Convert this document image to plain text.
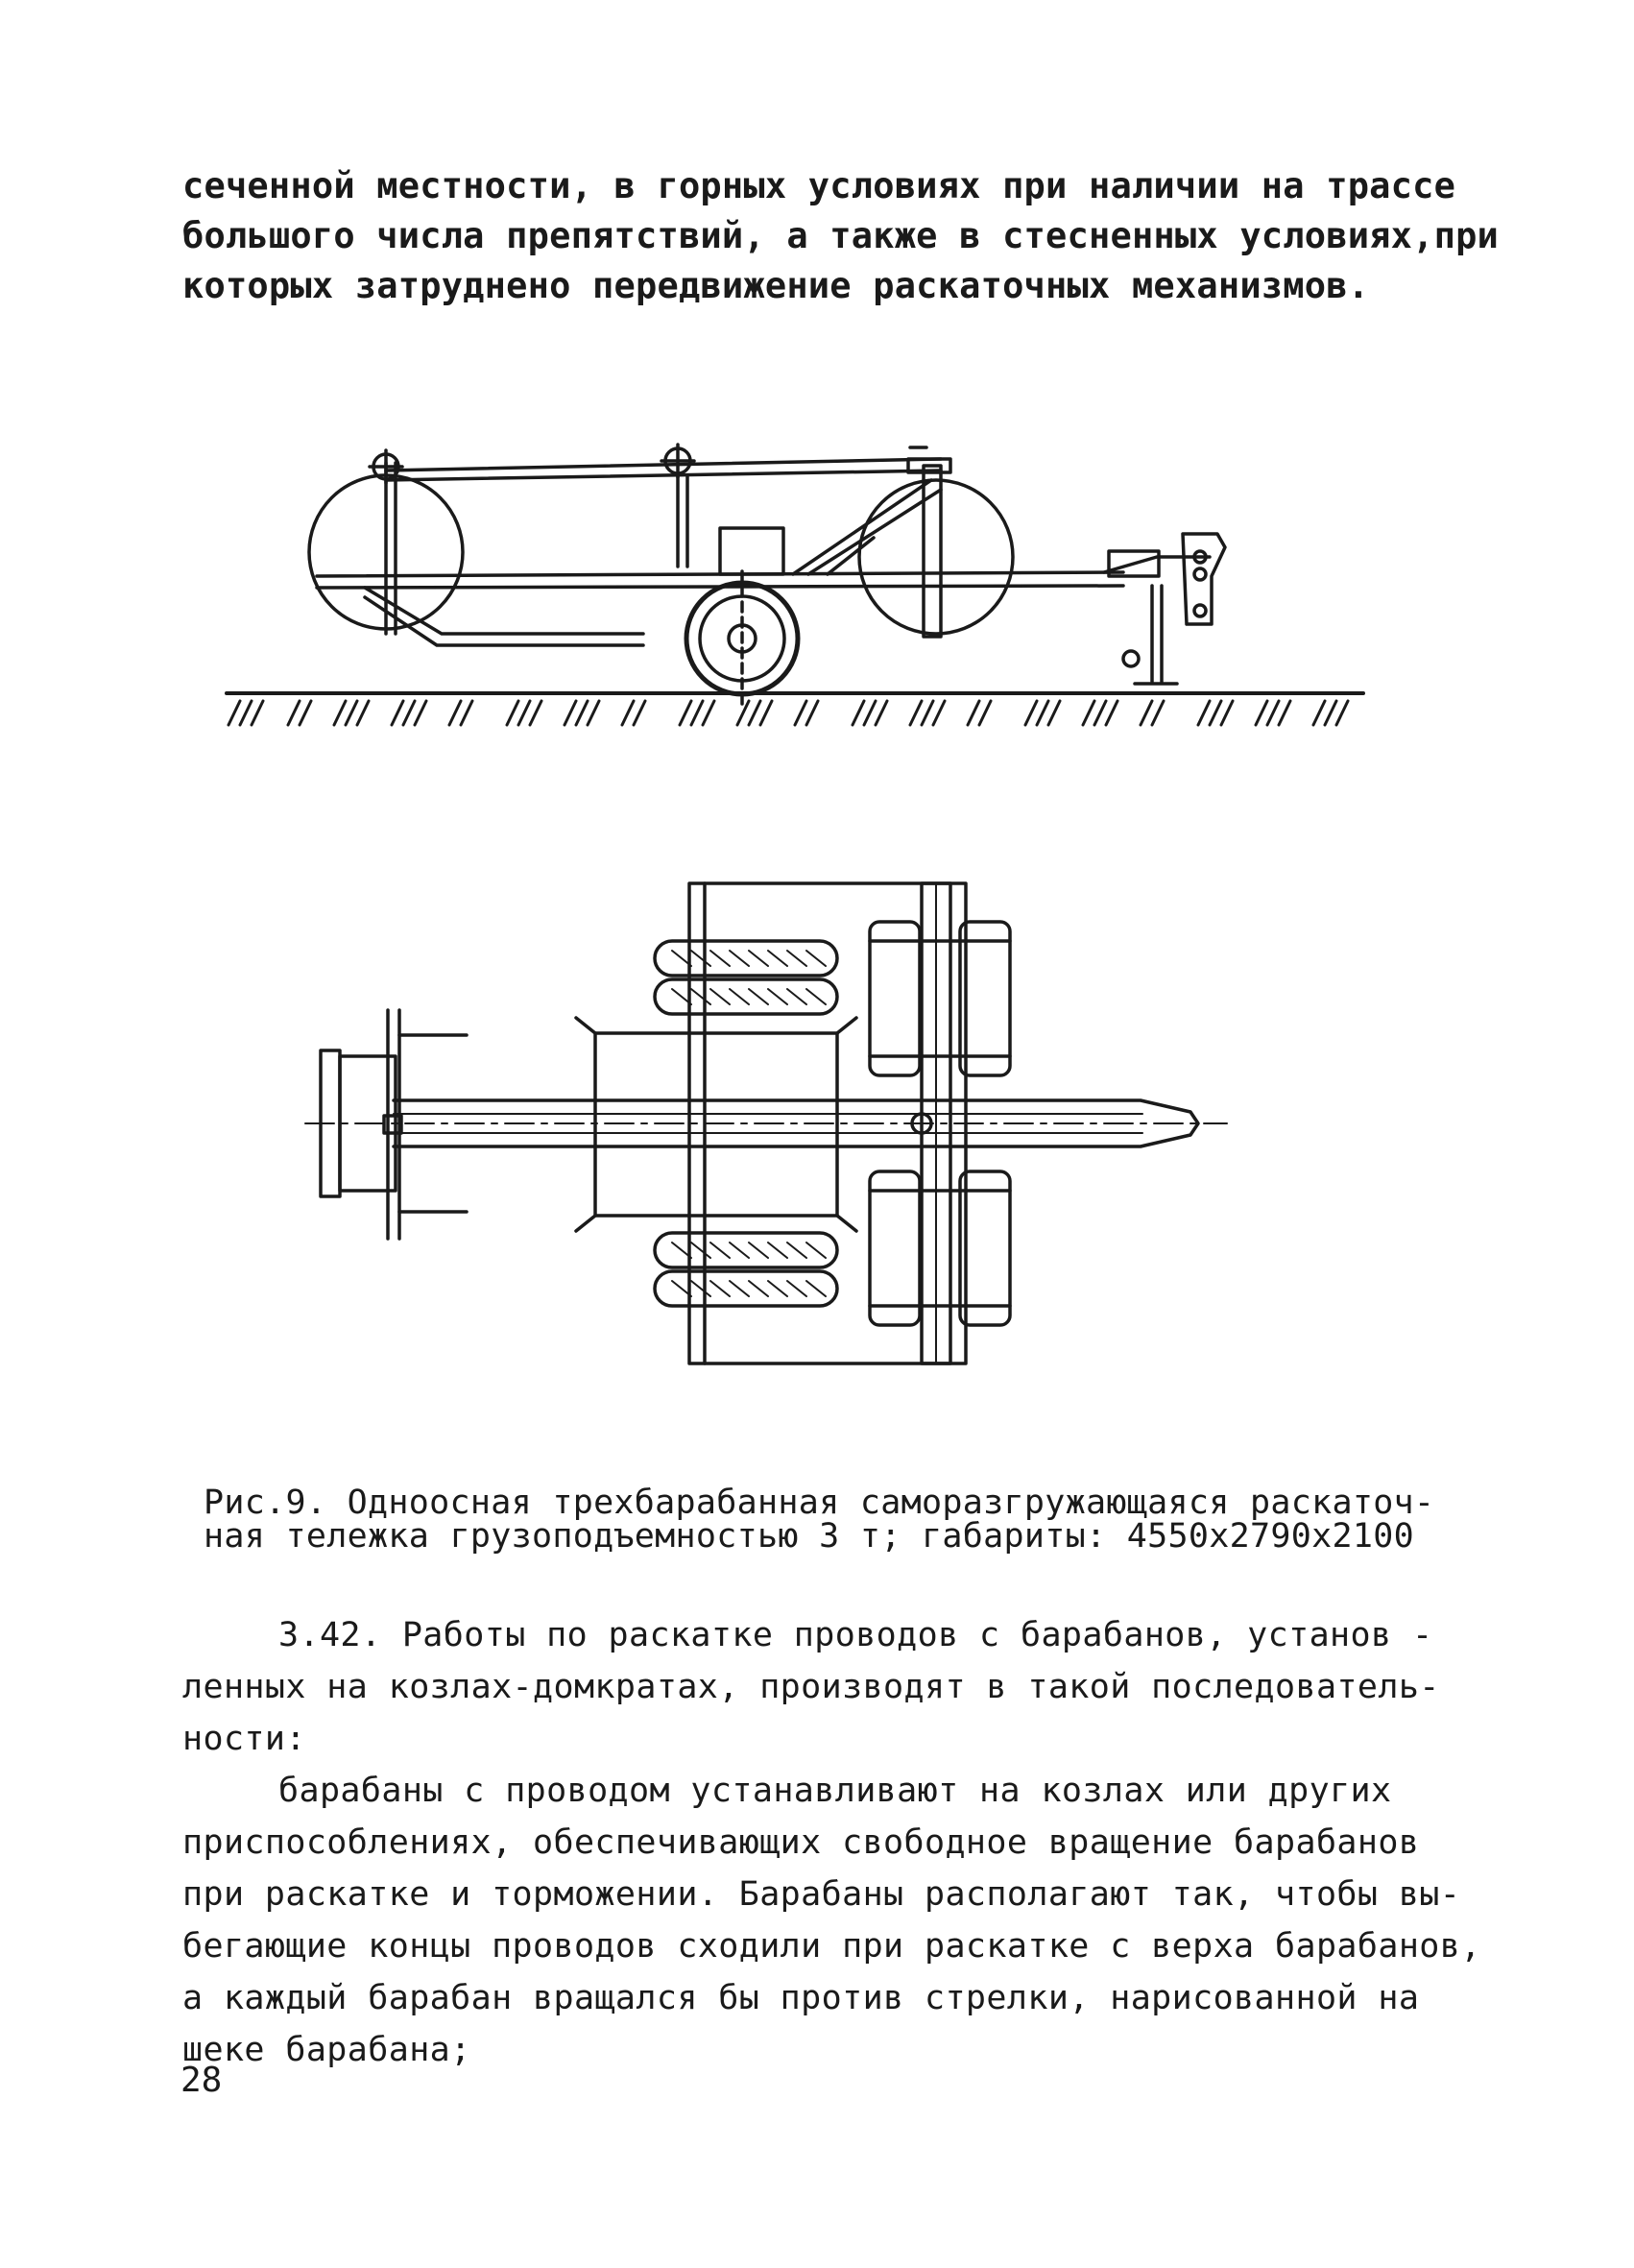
сеченной местности, в горных условиях при наличии на трассе
большого числа препятствий, а также в стесненных условиях,при
которых затруднено передвижение раскаточных механизмов.
Рис.9. Одноосная трехбарабанная саморазгружающаяся раскаточ-
ная тележка грузоподъемностью 3 т; габариты: 4550x2790x2100
3.42. Работы по раскатке проводов с барабанов, установ -
ленных на козлах-домкратах, производят в такой последователь-
ности:
барабаны с проводом устанавливают на козлах или других
приспособлениях, обеспечивающих свободное вращение барабанов
при раскатке и торможении. Барабаны располагают так, чтобы вы-
бегающие концы проводов сходили при раскатке с верха барабанов,
а каждый барабан вращался бы против стрелки, нарисованной на
шеке барабана;
28
